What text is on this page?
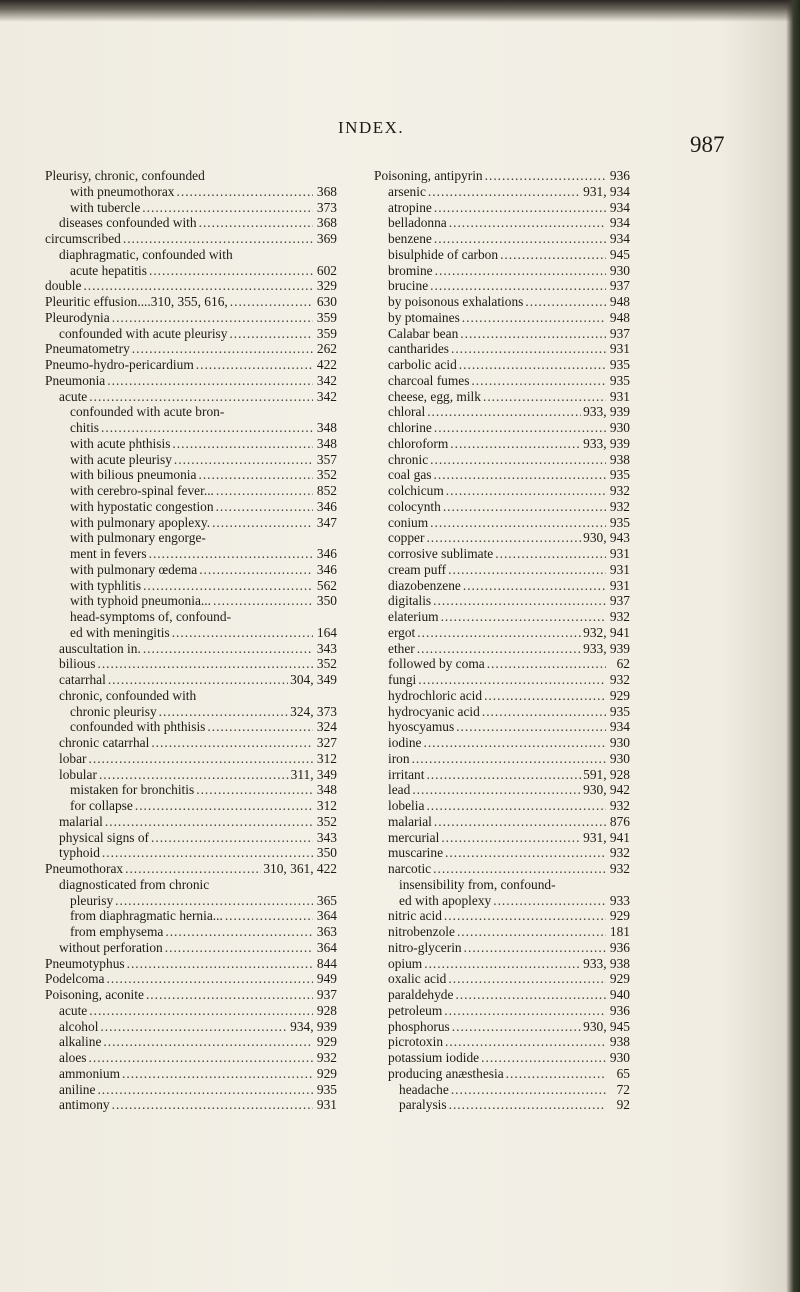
INDEX.
987
Pleurisy, chronic, confounded
with pneumothorax .....	368
with tubercle .....	373
diseases confounded with .....	368
circumscribed .....	369
diaphragmatic, confounded with
acute hepatitis .....	602
double .....	329
Pleuritic effusion....310, 355, 616, .....	630
Pleurodynia .....	359
confounded with acute pleurisy .....	359
Pneumatometry .....	262
Pneumo-hydro-pericardium .....	422
Pneumonia .....	342
acute .....	342
confounded with acute bron-
chitis .....	348
with acute phthisis .....	348
with acute pleurisy .....	357
with bilious pneumonia .....	352
with cerebro-spinal fever... .....	852
with hypostatic congestion .....	346
with pulmonary apoplexy. .....	347
with pulmonary engorge-
ment in fevers .....	346
with pulmonary œdema .....	346
with typhlitis .....	562
with typhoid pneumonia... .....	350
head-symptoms of, confound-
ed with meningitis .....	164
auscultation in. .....	343
bilious .....	352
catarrhal .....	304, 349
chronic, confounded with
chronic pleurisy .....	324, 373
confounded with phthisis .....	324
chronic catarrhal .....	327
lobar .....	312
lobular .....	311, 349
mistaken for bronchitis .....	348
for collapse .....	312
malarial .....	352
physical signs of .....	343
typhoid .....	350
Pneumothorax .....	310, 361, 422
diagnosticated from chronic
pleurisy .....	365
from diaphragmatic hernia... .....	364
from emphysema .....	363
without perforation .....	364
Pneumotyphus .....	844
Podelcoma .....	949
Poisoning, aconite .....	937
acute .....	928
alcohol .....	934, 939
alkaline .....	929
aloes .....	932
ammonium .....	929
aniline .....	935
antimony .....	931
Poisoning, antipyrin .....	936
arsenic .....	931, 934
atropine .....	934
belladonna .....	934
benzene .....	934
bisulphide of carbon .....	945
bromine .....	930
brucine .....	937
by poisonous exhalations .....	948
by ptomaines .....	948
Calabar bean .....	937
cantharides .....	931
carbolic acid .....	935
charcoal fumes .....	935
cheese, egg, milk .....	931
chloral .....	933, 939
chlorine .....	930
chloroform .....	933, 939
chronic .....	938
coal gas .....	935
colchicum .....	932
colocynth .....	932
conium .....	935
copper .....	930, 943
corrosive sublimate .....	931
cream puff .....	931
diazobenzene .....	931
digitalis .....	937
elaterium .....	932
ergot .....	932, 941
ether .....	933, 939
followed by coma .....	62
fungi .....	932
hydrochloric acid .....	929
hydrocyanic acid .....	935
hyoscyamus .....	934
iodine .....	930
iron .....	930
irritant .....	591, 928
lead .....	930, 942
lobelia .....	932
malarial .....	876
mercurial .....	931, 941
muscarine .....	932
narcotic .....	932
insensibility from, confound-
ed with apoplexy .....	933
nitric acid .....	929
nitrobenzole .....	181
nitro-glycerin .....	936
opium .....	933, 938
oxalic acid .....	929
paraldehyde .....	940
petroleum .....	936
phosphorus .....	930, 945
picrotoxin .....	938
potassium iodide .....	930
producing anæsthesia .....	65
headache .....	72
paralysis .....	92
